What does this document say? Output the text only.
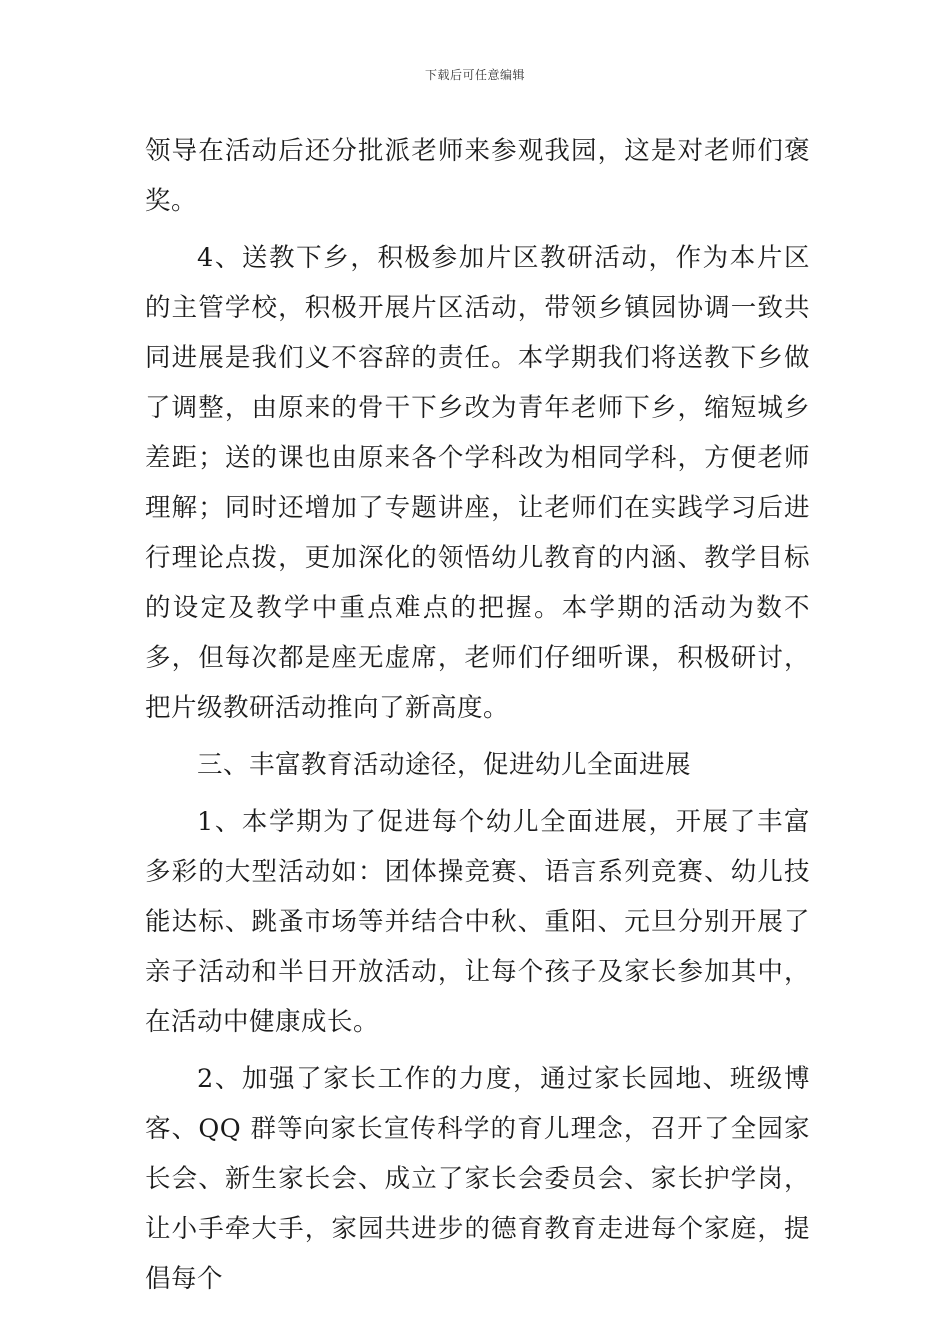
下载后可任意编辑

领导在活动后还分批派老师来参观我园，这是对老师们褒奖。

4、送教下乡，积极参加片区教研活动，作为本片区的主管学校，积极开展片区活动，带领乡镇园协调一致共同进展是我们义不容辞的责任。本学期我们将送教下乡做了调整，由原来的骨干下乡改为青年老师下乡，缩短城乡差距；送的课也由原来各个学科改为相同学科，方便老师理解；同时还增加了专题讲座，让老师们在实践学习后进行理论点拨，更加深化的领悟幼儿教育的内涵、教学目标的设定及教学中重点难点的把握。本学期的活动为数不多，但每次都是座无虚席，老师们仔细听课，积极研讨，把片级教研活动推向了新高度。

三、丰富教育活动途径，促进幼儿全面进展

1、本学期为了促进每个幼儿全面进展，开展了丰富多彩的大型活动如：团体操竞赛、语言系列竞赛、幼儿技能达标、跳蚤市场等并结合中秋、重阳、元旦分别开展了亲子活动和半日开放活动，让每个孩子及家长参加其中，在活动中健康成长。

2、加强了家长工作的力度，通过家长园地、班级博客、QQ 群等向家长宣传科学的育儿理念，召开了全园家长会、新生家长会、成立了家长会委员会、家长护学岗，让小手牵大手，家园共进步的德育教育走进每个家庭，提倡每个
